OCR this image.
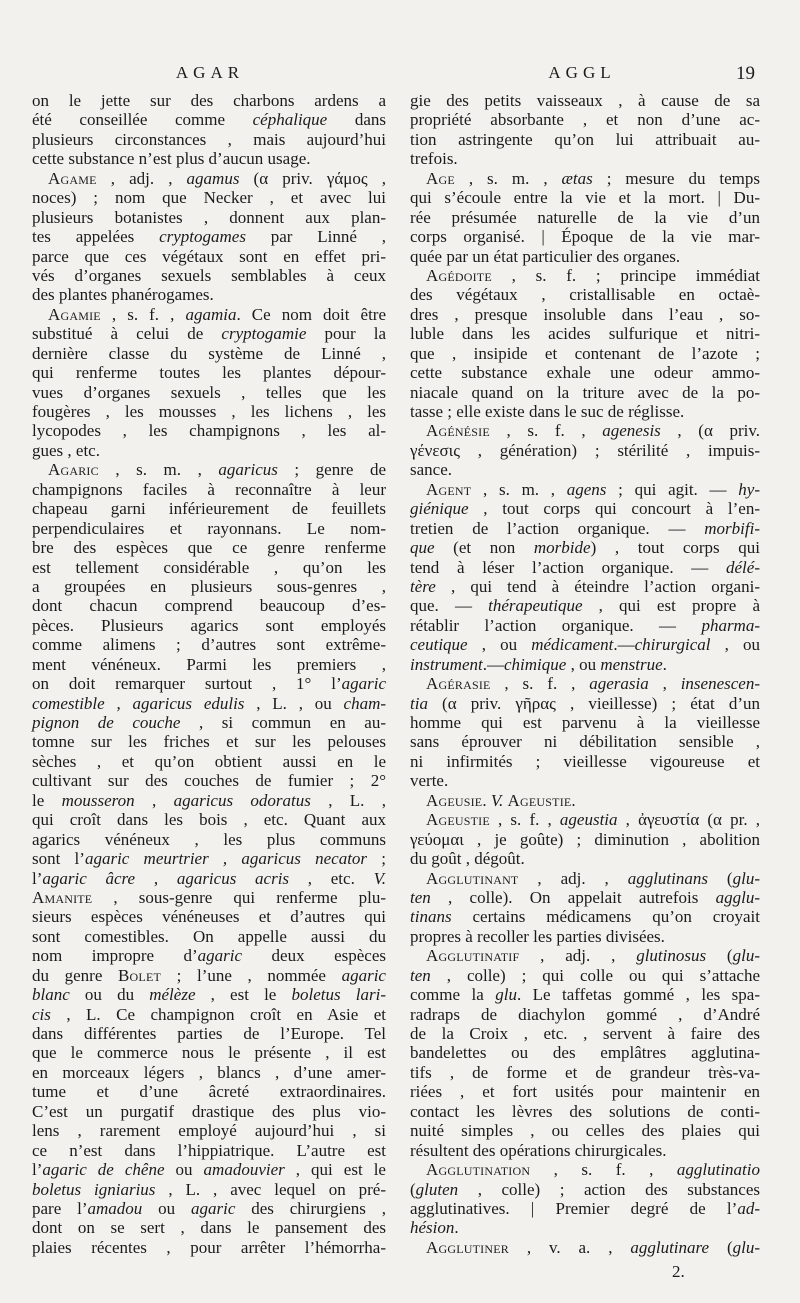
AGAR	AGGL	19
on le jette sur des charbons ardens a
été conseillée comme céphalique dans
plusieurs circonstances , mais aujourd’hui
cette substance n’est plus d’aucun usage.
Agame , adj. , agamus (α priv. γάμος ,
noces) ; nom que Necker , et avec lui
plusieurs botanistes , donnent aux plan-
tes appelées cryptogames par Linné ,
parce que ces végétaux sont en effet pri-
vés d’organes sexuels semblables à ceux
des plantes phanérogames.
Agamie , s. f. , agamia. Ce nom doit être
substitué à celui de cryptogamie pour la
dernière classe du système de Linné ,
qui renferme toutes les plantes dépour-
vues d’organes sexuels , telles que les
fougères , les mousses , les lichens , les
lycopodes , les champignons , les al-
gues , etc.
Agaric , s. m. , agaricus ; genre de
champignons faciles à reconnaître à leur
chapeau garni inférieurement de feuillets
perpendiculaires et rayonnans. Le nom-
bre des espèces que ce genre renferme
est tellement considérable , qu’on les
a groupées en plusieurs sous-genres ,
dont chacun comprend beaucoup d’es-
pèces. Plusieurs agarics sont employés
comme alimens ; d’autres sont extrême-
ment vénéneux. Parmi les premiers ,
on doit remarquer surtout , 1° l’agaric
comestible , agaricus edulis , L. , ou cham-
pignon de couche , si commun en au-
tomne sur les friches et sur les pelouses
sèches , et qu’on obtient aussi en le
cultivant sur des couches de fumier ; 2°
le mousseron , agaricus odoratus , L. ,
qui croît dans les bois , etc. Quant aux
agarics vénéneux , les plus communs
sont l’agaric meurtrier , agaricus necator ;
l’agaric âcre , agaricus acris , etc. V.
Amanite , sous-genre qui renferme plu-
sieurs espèces vénéneuses et d’autres qui
sont comestibles. On appelle aussi du
nom impropre d’agaric deux espèces
du genre Bolet ; l’une , nommée agaric
blanc ou du mélèze , est le boletus lari-
cis , L. Ce champignon croît en Asie et
dans différentes parties de l’Europe. Tel
que le commerce nous le présente , il est
en morceaux légers , blancs , d’une amer-
tume et d’une âcreté extraordinaires.
C’est un purgatif drastique des plus vio-
lens , rarement employé aujourd’hui , si
ce n’est dans l’hippiatrique. L’autre est
l’agaric de chêne ou amadouvier , qui est le
boletus igniarius , L. , avec lequel on pré-
pare l’amadou ou agaric des chirurgiens ,
dont on se sert , dans le pansement des
plaies récentes , pour arrêter l’hémorrha-
gie des petits vaisseaux , à cause de sa
propriété absorbante , et non d’une ac-
tion astringente qu’on lui attribuait au-
trefois.
Age , s. m. , ætas ; mesure du temps
qui s’écoule entre la vie et la mort. | Du-
rée présumée naturelle de la vie d’un
corps organisé. | Époque de la vie mar-
quée par un état particulier des organes.
Agédoite , s. f. ; principe immédiat
des végétaux , cristallisable en octaè-
dres , presque insoluble dans l’eau , so-
luble dans les acides sulfurique et nitri-
que , insipide et contenant de l’azote ;
cette substance exhale une odeur ammo-
niacale quand on la triture avec de la po-
tasse ; elle existe dans le suc de réglisse.
Agénésie , s. f. , agenesis , (α priv.
γένεσις , génération) ; stérilité , impuis-
sance.
Agent , s. m. , agens ; qui agit. — hy-
giénique , tout corps qui concourt à l’en-
tretien de l’action organique. — morbifi-
que (et non morbide) , tout corps qui
tend à léser l’action organique. — délé-
tère , qui tend à éteindre l’action organi-
que. — thérapeutique , qui est propre à
rétablir l’action organique. — pharma-
ceutique , ou médicament.—chirurgical , ou
instrument.—chimique , ou menstrue.
Agérasie , s. f. , agerasia , insenescen-
tia (α priv. γῆρας , vieillesse) ; état d’un
homme qui est parvenu à la vieillesse
sans éprouver ni débilitation sensible ,
ni infirmités ; vieillesse vigoureuse et
verte.
Ageusie. V. Ageustie.
Ageustie , s. f. , ageustia , ἀγευστία (α pr. ,
γεύομαι , je goûte) ; diminution , abolition
du goût , dégoût.
Agglutinant , adj. , agglutinans (glu-
ten , colle). On appelait autrefois agglu-
tinans certains médicamens qu’on croyait
propres à recoller les parties divisées.
Agglutinatif , adj. , glutinosus (glu-
ten , colle) ; qui colle ou qui s’attache
comme la glu. Le taffetas gommé , les spa-
radraps de diachylon gommé , d’André
de la Croix , etc. , servent à faire des
bandelettes ou des emplâtres agglutina-
tifs , de forme et de grandeur très-va-
riées , et fort usités pour maintenir en
contact les lèvres des solutions de conti-
nuité simples , ou celles des plaies qui
résultent des opérations chirurgicales.
Agglutination , s. f. , agglutinatio
(gluten , colle) ; action des substances
agglutinatives. | Premier degré de l’ad-
hésion.
Agglutiner , v. a. , agglutinare (glu-
2.
